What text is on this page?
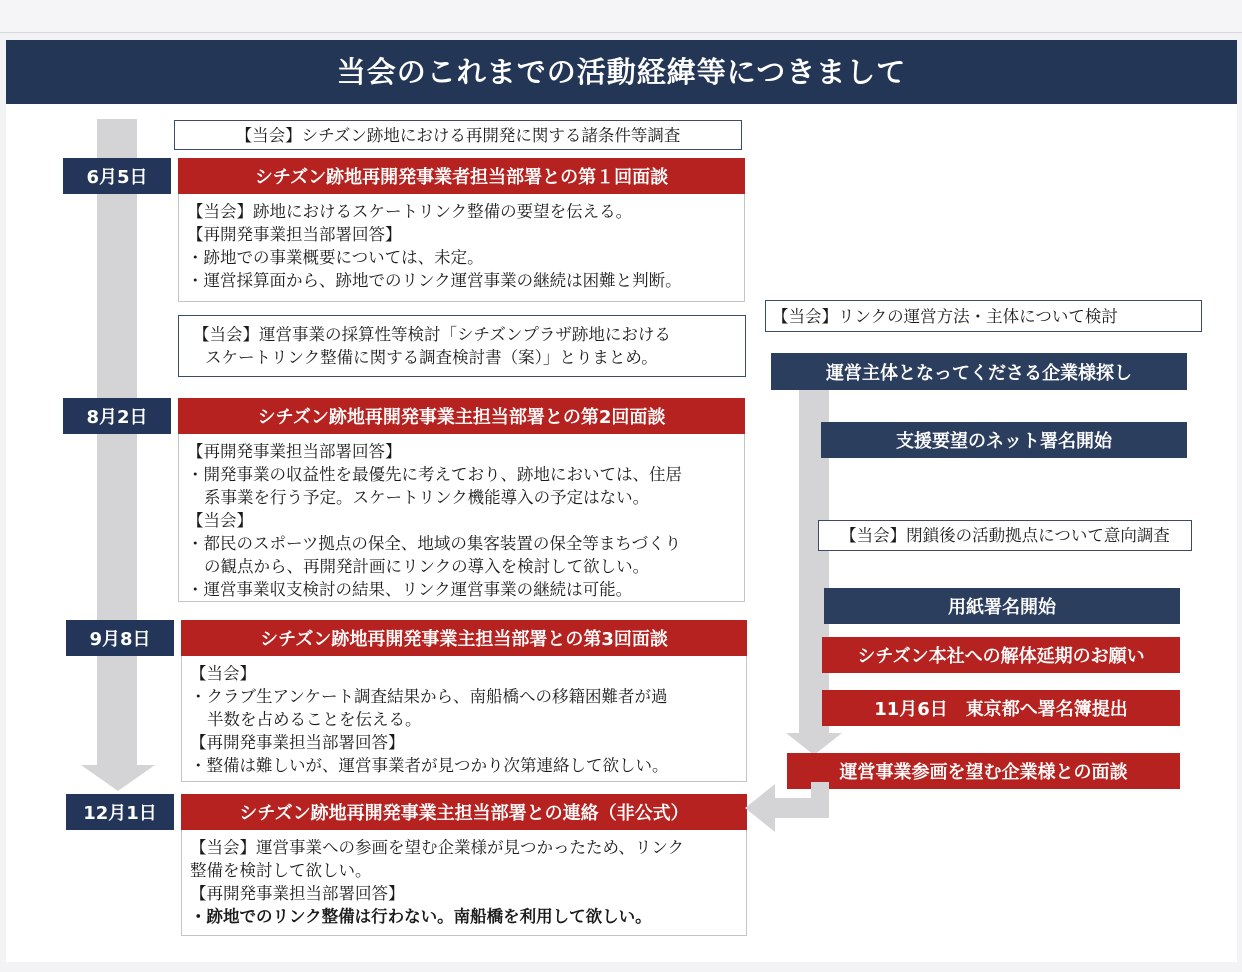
当会のこれまでの活動経緯等につきまして
【当会】シチズン跡地における再開発に関する諸条件等調査
6月5日	シチズン跡地再開発事業者担当部署との第１回面談
【当会】跡地におけるスケートリンク整備の要望を伝える。
【再開発事業担当部署回答】
・跡地での事業概要については、未定。
・運営採算面から、跡地でのリンク運営事業の継続は困難と判断。
【当会】運営事業の採算性等検討「シチズンプラザ跡地における
スケートリンク整備に関する調査検討書（案）」とりまとめ。
8月2日	シチズン跡地再開発事業主担当部署との第2回面談
【再開発事業担当部署回答】
・開発事業の収益性を最優先に考えており、跡地においては、住居
系事業を行う予定。スケートリンク機能導入の予定はない。
【当会】
・都民のスポーツ拠点の保全、地域の集客装置の保全等まちづくり
の観点から、再開発計画にリンクの導入を検討して欲しい。
・運営事業収支検討の結果、リンク運営事業の継続は可能。
9月8日	シチズン跡地再開発事業主担当部署との第3回面談
【当会】
・クラブ生アンケート調査結果から、南船橋への移籍困難者が過
半数を占めることを伝える。
【再開発事業担当部署回答】
・整備は難しいが、運営事業者が見つかり次第連絡して欲しい。
12月1日	シチズン跡地再開発事業主担当部署との連絡（非公式）
【当会】運営事業への参画を望む企業様が見つかったため、リンク
整備を検討して欲しい。
【再開発事業担当部署回答】
・跡地でのリンク整備は行わない。南船橋を利用して欲しい。
【当会】リンクの運営方法・主体について検討
運営主体となってくださる企業様探し
支援要望のネット署名開始
【当会】閉鎖後の活動拠点について意向調査
用紙署名開始
シチズン本社への解体延期のお願い
11月6日　東京都へ署名簿提出
運営事業参画を望む企業様との面談
